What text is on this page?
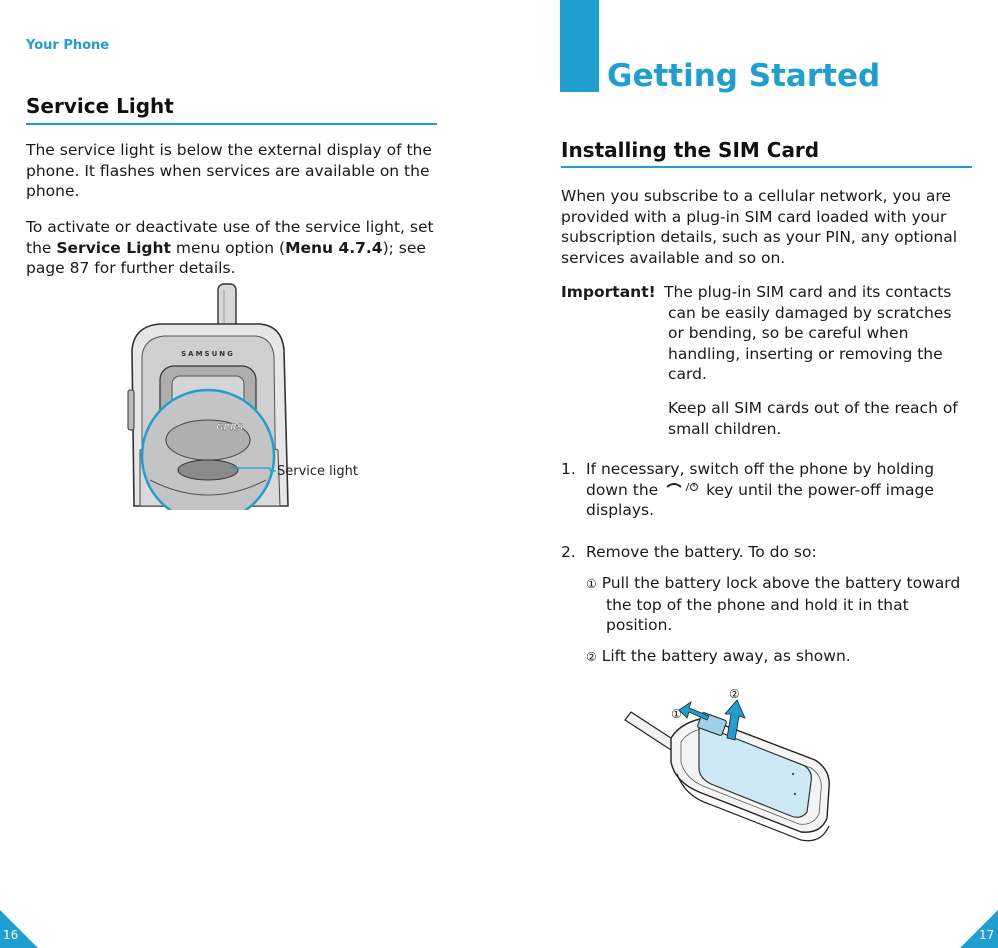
Your Phone
Service Light
The service light is below the external display of the phone. It flashes when services are available on the phone.
To activate or deactivate use of the service light, set the Service Light menu option (Menu 4.7.4); see page 87 for further details.
SAMSUNG
GPRS
Service light
16
Getting Started
Installing the SIM Card
When you subscribe to a cellular network, you are provided with a plug-in SIM card loaded with your subscription details, such as your PIN, any optional services available and so on.
Important! The plug-in SIM card and its contacts can be easily damaged by scratches or bending, so be careful when handling, inserting or removing the card.
Keep all SIM cards out of the reach of small children.
1. If necessary, switch off the phone by holding down the	key until the power-off image displays.
2. Remove the battery. To do so:
① Pull the battery lock above the battery toward the top of the phone and hold it in that position.
② Lift the battery away, as shown.
①
②
17
